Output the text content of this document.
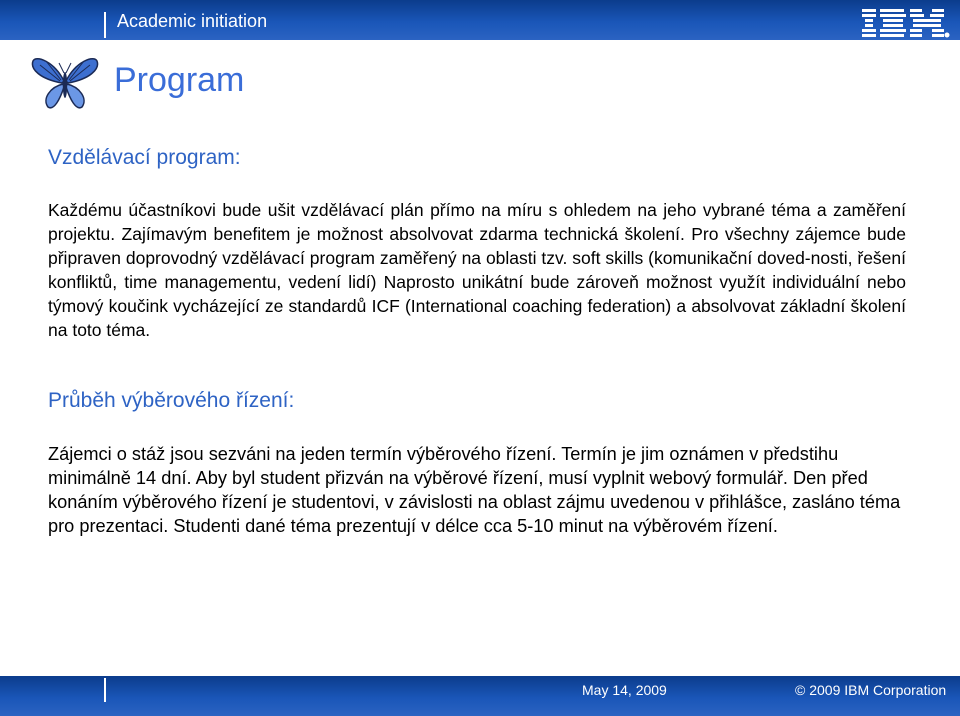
Academic initiation
Program
Vzdělávací program:
Každému účastníkovi bude ušit vzdělávací plán přímo na míru s ohledem na jeho vybrané téma a zaměření projektu. Zajímavým benefitem je možnost absolvovat zdarma technická školení. Pro všechny zájemce bude připraven doprovodný vzdělávací program zaměřený na oblasti tzv. soft skills (komunikační doved-nosti, řešení konfliktů, time managementu, vedení lidí) Naprosto unikátní bude zároveň možnost využít individuální nebo týmový koučink vycházející ze standardů ICF (International coaching federation) a absolvovat základní školení na toto téma.
Průběh výběrového řízení:
Zájemci o stáž jsou sezváni na jeden termín výběrového řízení. Termín je jim oznámen v předstihu minimálně 14 dní. Aby byl student přizván na výběrové řízení, musí vyplnit webový formulář. Den před konáním výběrového řízení je studentovi, v závislosti na oblast zájmu uvedenou v přihlášce, zasláno téma pro prezentaci. Studenti dané téma prezentují v délce cca 5-10 minut na výběrovém řízení.
May 14, 2009	© 2009 IBM Corporation
